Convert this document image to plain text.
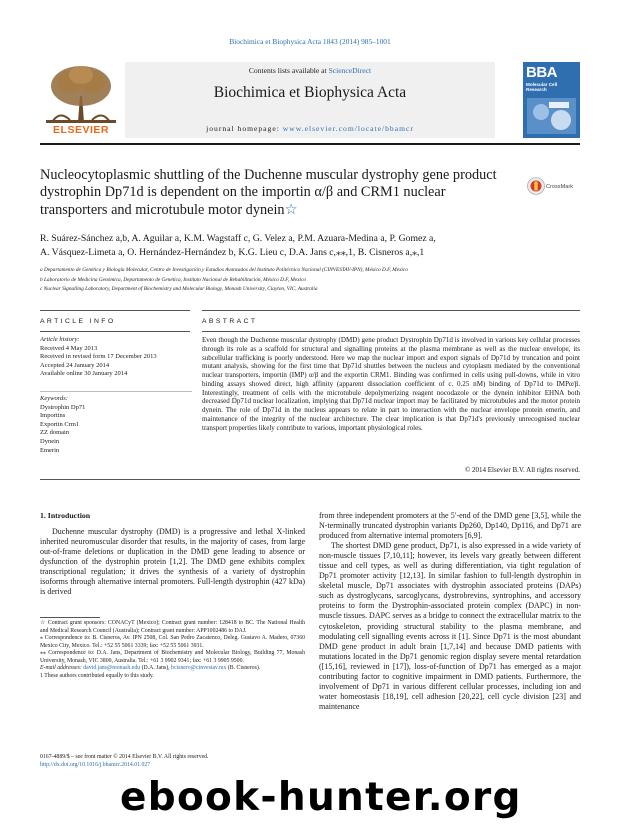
Biochimica et Biophysica Acta 1843 (2014) 985–1001
ELSEVIER
Contents lists available at ScienceDirect
Biochimica et Biophysica Acta
journal homepage: www.elsevier.com/locate/bbamcr
BBA
Molecular Cell Research
Nucleocytoplasmic shuttling of the Duchenne muscular dystrophy gene product dystrophin Dp71d is dependent on the importin α/β and CRM1 nuclear transporters and microtubule motor dynein☆
CrossMark
R. Suárez-Sánchez a,b, A. Aguilar a, K.M. Wagstaff c, G. Velez a, P.M. Azuara-Medina a, P. Gomez a,
A. Vásquez-Limeta a, O. Hernández-Hernández b, K.G. Lieu c, D.A. Jans c,⁎⁎,1, B. Cisneros a,⁎,1
a Departamento de Genética y Biología Molecular, Centro de Investigación y Estudios Avanzados del Instituto Politécnico Nacional (CINVESTAV-IPN), México D.F, Mexico
b Laboratorio de Medicina Genómica, Departamento de Genética, Instituto Nacional de Rehabilitación, México D.F, Mexico
c Nuclear Signalling Laboratory, Department of Biochemistry and Molecular Biology, Monash University, Clayton, VIC, Australia
ARTICLE INFO	ABSTRACT
Article history:
Received 4 May 2013
Received in revised form 17 December 2013
Accepted 24 January 2014
Available online 30 January 2014
Keywords:
Dystrophin Dp71
Importins
Exportin Crm1
ZZ domain
Dynein
Emerin
Even though the Duchenne muscular dystrophy (DMD) gene product Dystrophin Dp71d is involved in various key cellular processes through its role as a scaffold for structural and signalling proteins at the plasma membrane as well as the nuclear envelope, its subcellular trafficking is poorly understood. Here we map the nuclear import and export signals of Dp71d by truncation and point mutant analysis, showing for the first time that Dp71d shuttles between the nucleus and cytoplasm mediated by the conventional nuclear transporters, importin (IMP) α/β and the exportin CRM1. Binding was confirmed in cells using pull-downs, while in vitro binding assays showed direct, high affinity (apparent dissociation coefficient of c. 0.25 nM) binding of Dp71d to IMPα/β. Interestingly, treatment of cells with the microtubule depolymerizing reagent nocodazole or the dynein inhibitor EHNA both decreased Dp71d nuclear localization, implying that Dp71d nuclear import may be facilitated by microtubules and the motor protein dynein. The role of Dp71d in the nucleus appears to relate in part to interaction with the nuclear envelope protein emerin, and maintenance of the integrity of the nuclear architecture. The clear implication is that Dp71d's previously unrecognised nuclear transport properties likely contribute to various, important physiological roles.
© 2014 Elsevier B.V. All rights reserved.
1. Introduction
Duchenne muscular dystrophy (DMD) is a progressive and lethal X-linked inherited neuromuscular disorder that results, in the majority of cases, from large out-of-frame deletions or duplication in the DMD gene leading to absence or dysfunction of the dystrophin protein [1,2]. The DMD gene exhibits complex transcriptional regulation; it drives the synthesis of a variety of dystrophin isoforms through alternative internal promoters. Full-length dystrophin (427 kDa) is derived
from three independent promoters at the 5′-end of the DMD gene [3,5], while the N-terminally truncated dystrophin variants Dp260, Dp140, Dp116, and Dp71 are produced from alternative internal promoters [6,9].
The shortest DMD gene product, Dp71, is also expressed in a wide variety of non-muscle tissues [7,10,11]; however, its levels vary greatly between different tissue and cell types, as well as during differentiation, via tight regulation of Dp71 promoter activity [12,13]. In similar fashion to full-length dystrophin in skeletal muscle, Dp71 associates with dystrophin associated proteins (DAPs) such as dystroglycans, sarcoglycans, dystrobrevins, syntrophins, and accessory proteins to form the Dystrophin-associated protein complex (DAPC) in non-muscle tissues. DAPC serves as a bridge to connect the extracellular matrix to the cytoskeleton, providing structural stability to the plasma membrane, and modulating cell signalling events across it [1]. Since Dp71 is the most abundant DMD gene product in adult brain [1,7,14] and because DMD patients with mutations located in the Dp71 genomic region display severe mental retardation ([15,16], reviewed in [17]), loss-of-function of Dp71 has emerged as a major contributing factor to cognitive impairment in DMD patients. Furthermore, the involvement of Dp71 in various different cellular processes, including ion and water homeostasis [18,19], cell adhesion [20,22], cell cycle division [23] and maintenance
☆ Contract grant sponsors: CONACyT (Mexico); Contract grant number: 128418 to BC. The National Health and Medical Research Council (Australia); Contract grant number: APP1002486 to DAJ.
⁎ Correspondence to: B. Cisneros, Av. IPN 2508, Col. San Pedro Zacatenco, Deleg. Gustavo A. Madero, 07360 Mexico City, Mexico. Tel.: +52 55 5061 3339; fax: +52 55 5061 3931.
⁎⁎ Correspondence to: D.A. Jans, Department of Biochemistry and Molecular Biology, Building 77, Monash University, Monash, VIC 3800, Australia. Tel.: +61 3 9902 9341; fax: +61 3 9905 9500.
E-mail addresses: david.jans@monash.edu (D.A. Jans), bcisnero@cinvestav.mx (B. Cisneros).
1 These authors contributed equally to this study.
0167-4889/$ – see front matter © 2014 Elsevier B.V. All rights reserved.
http://dx.doi.org/10.1016/j.bbamcr.2014.01.027
ebook-hunter.org
